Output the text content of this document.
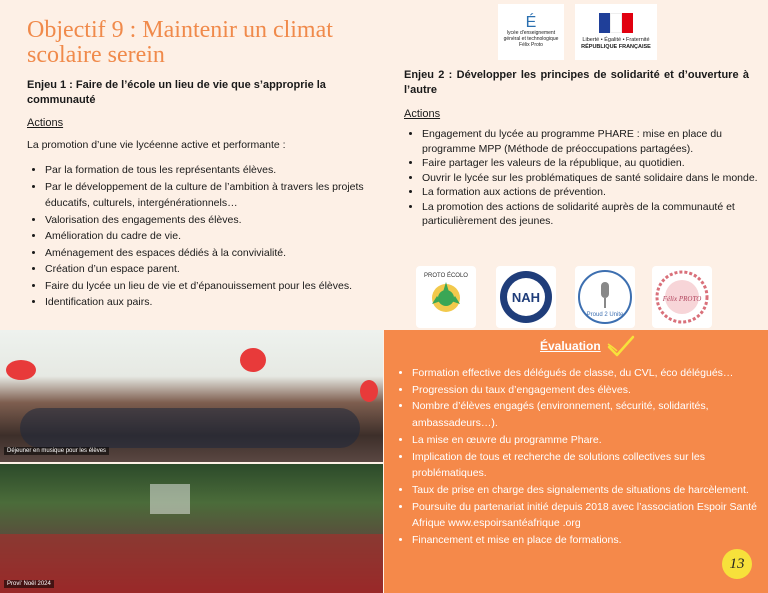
Objectif 9 : Maintenir un climat scolaire serein
É
lycée d'enseignement général et technologique Félix Proto
Liberté • Égalité • Fraternité
RÉPUBLIQUE FRANÇAISE
Enjeu 1 : Faire de l’école un lieu de vie que s’approprie la communauté
Actions
La promotion d’une vie lycéenne active et performante :
• Par la formation de tous les représentants élèves.
• Par le développement de la culture de l’ambition à travers les projets éducatifs, culturels, intergénérationnels…
• Valorisation des engagements des élèves.
• Amélioration du cadre de vie.
• Aménagement des espaces dédiés à la convivialité.
• Création d’un espace parent.
• Faire du lycée un lieu de vie et d’épanouissement pour les élèves.
• Identification aux pairs.
Enjeu 2 : Développer les principes de solidarité et d’ouverture à l’autre
Actions
• Engagement du lycée au programme PHARE : mise en place du programme MPP (Méthode de préoccupations partagées).
• Faire partager les valeurs de la république, au quotidien.
• Ouvrir le lycée sur les problématiques de santé solidaire dans le monde.
• La formation aux actions de prévention.
• La promotion des actions de solidarité auprès de la communauté et particulièrement des jeunes.
PROTO ÉCOLO
NAH
Proud 2 Unite
Félix PROTO
Déjeuner en musique pour les élèves
Provi' Noël 2024
Évaluation
• Formation effective des délégués de classe, du CVL, éco délégués…
• Progression du taux d’engagement des élèves.
• Nombre d’élèves engagés (environnement, sécurité, solidarités, ambassadeurs…).
• La mise en œuvre du programme Phare.
• Implication de tous et recherche de solutions collectives sur les problématiques.
• Taux de prise en charge des signalements de situations de harcèlement.
• Poursuite du partenariat initié depuis 2018 avec l’association Espoir Santé Afrique www.espoirsantéafrique .org
• Financement et mise en place de formations.
13
